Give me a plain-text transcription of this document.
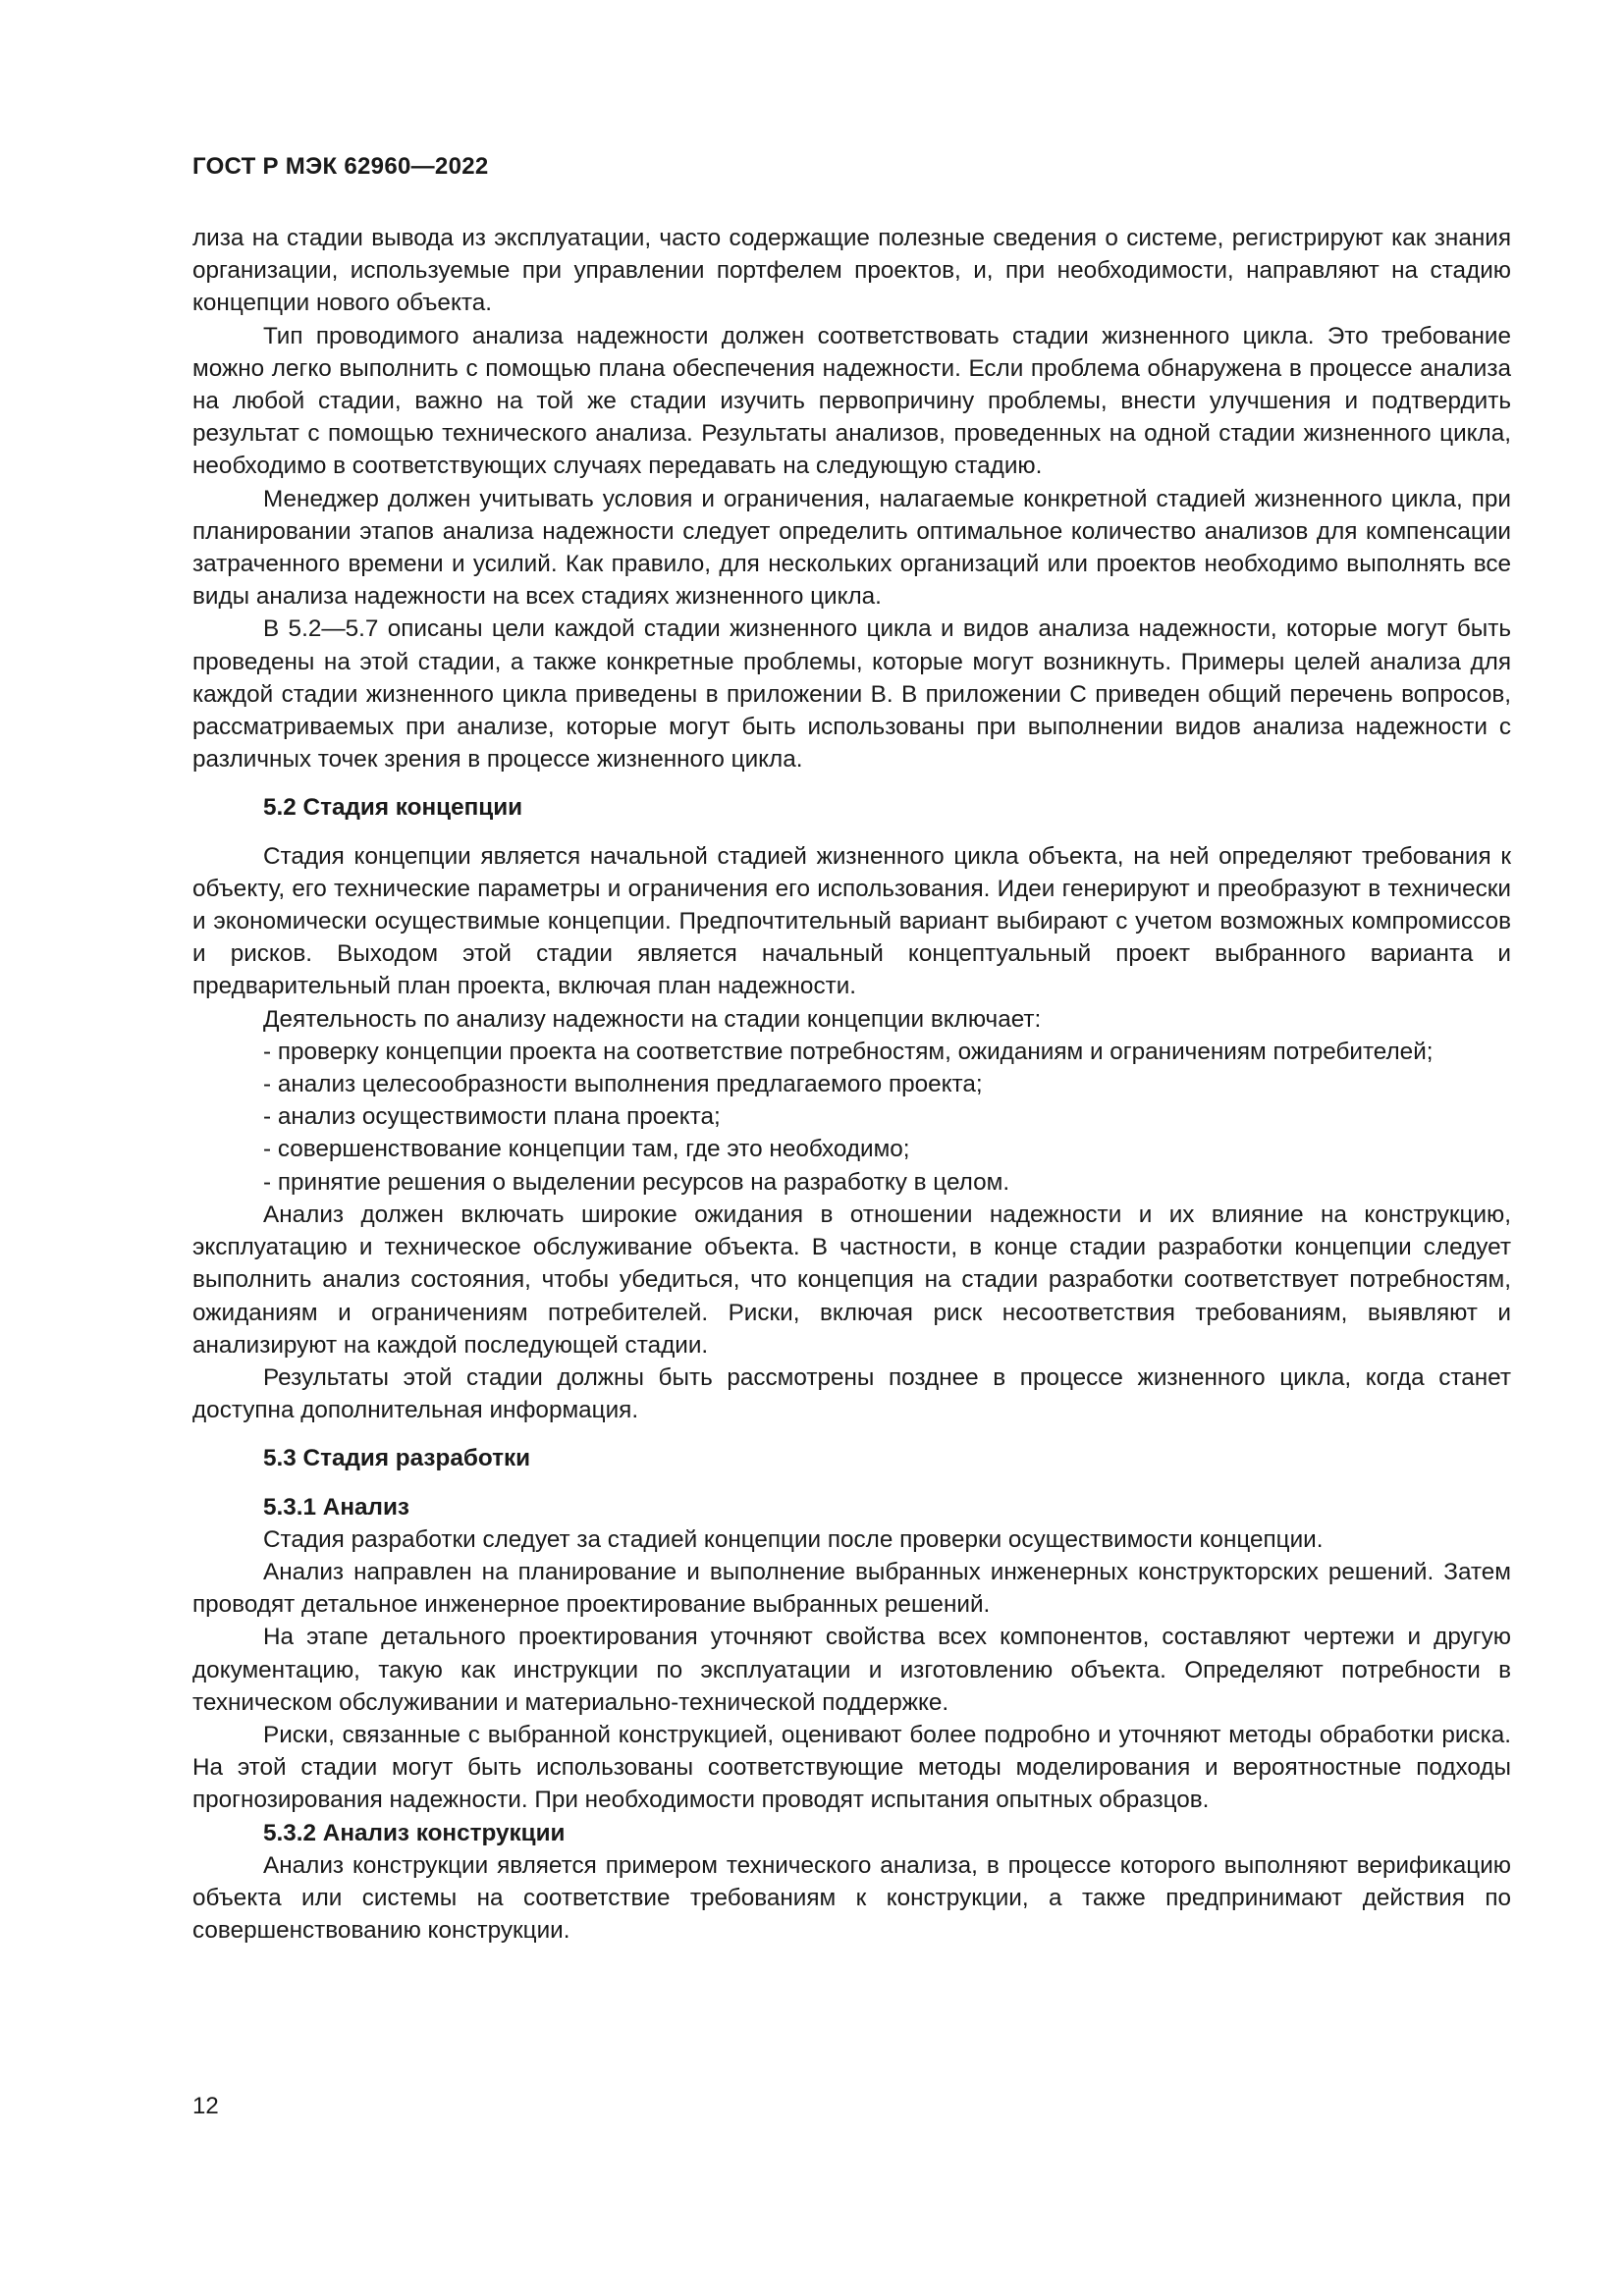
ГОСТ Р МЭК 62960—2022

лиза на стадии вывода из эксплуатации, часто содержащие полезные сведения о системе, регистрируют как знания организации, используемые при управлении портфелем проектов, и, при необходимости, направляют на стадию концепции нового объекта.

Тип проводимого анализа надежности должен соответствовать стадии жизненного цикла. Это требование можно легко выполнить с помощью плана обеспечения надежности. Если проблема обнаружена в процессе анализа на любой стадии, важно на той же стадии изучить первопричину проблемы, внести улучшения и подтвердить результат с помощью технического анализа. Результаты анализов, проведенных на одной стадии жизненного цикла, необходимо в соответствующих случаях передавать на следующую стадию.

Менеджер должен учитывать условия и ограничения, налагаемые конкретной стадией жизненного цикла, при планировании этапов анализа надежности следует определить оптимальное количество анализов для компенсации затраченного времени и усилий. Как правило, для нескольких организаций или проектов необходимо выполнять все виды анализа надежности на всех стадиях жизненного цикла.

В 5.2—5.7 описаны цели каждой стадии жизненного цикла и видов анализа надежности, которые могут быть проведены на этой стадии, а также конкретные проблемы, которые могут возникнуть. Примеры целей анализа для каждой стадии жизненного цикла приведены в приложении В. В приложении С приведен общий перечень вопросов, рассматриваемых при анализе, которые могут быть использованы при выполнении видов анализа надежности с различных точек зрения в процессе жизненного цикла.

5.2 Стадия концепции

Стадия концепции является начальной стадией жизненного цикла объекта, на ней определяют требования к объекту, его технические параметры и ограничения его использования. Идеи генерируют и преобразуют в технически и экономически осуществимые концепции. Предпочтительный вариант выбирают с учетом возможных компромиссов и рисков. Выходом этой стадии является начальный концептуальный проект выбранного варианта и предварительный план проекта, включая план надежности.

Деятельность по анализу надежности на стадии концепции включает:

- проверку концепции проекта на соответствие потребностям, ожиданиям и ограничениям потребителей;

- анализ целесообразности выполнения предлагаемого проекта;

- анализ осуществимости плана проекта;

- совершенствование концепции там, где это необходимо;

- принятие решения о выделении ресурсов на разработку в целом.

Анализ должен включать широкие ожидания в отношении надежности и их влияние на конструкцию, эксплуатацию и техническое обслуживание объекта. В частности, в конце стадии разработки концепции следует выполнить анализ состояния, чтобы убедиться, что концепция на стадии разработки соответствует потребностям, ожиданиям и ограничениям потребителей. Риски, включая риск несоответствия требованиям, выявляют и анализируют на каждой последующей стадии.

Результаты этой стадии должны быть рассмотрены позднее в процессе жизненного цикла, когда станет доступна дополнительная информация.

5.3 Стадия разработки
5.3.1 Анализ

Стадия разработки следует за стадией концепции после проверки осуществимости концепции.

Анализ направлен на планирование и выполнение выбранных инженерных конструкторских решений. Затем проводят детальное инженерное проектирование выбранных решений.

На этапе детального проектирования уточняют свойства всех компонентов, составляют чертежи и другую документацию, такую как инструкции по эксплуатации и изготовлению объекта. Определяют потребности в техническом обслуживании и материально-технической поддержке.

Риски, связанные с выбранной конструкцией, оценивают более подробно и уточняют методы обработки риска. На этой стадии могут быть использованы соответствующие методы моделирования и вероятностные подходы прогнозирования надежности. При необходимости проводят испытания опытных образцов.

5.3.2 Анализ конструкции

Анализ конструкции является примером технического анализа, в процессе которого выполняют верификацию объекта или системы на соответствие требованиям к конструкции, а также предпринимают действия по совершенствованию конструкции.

12
